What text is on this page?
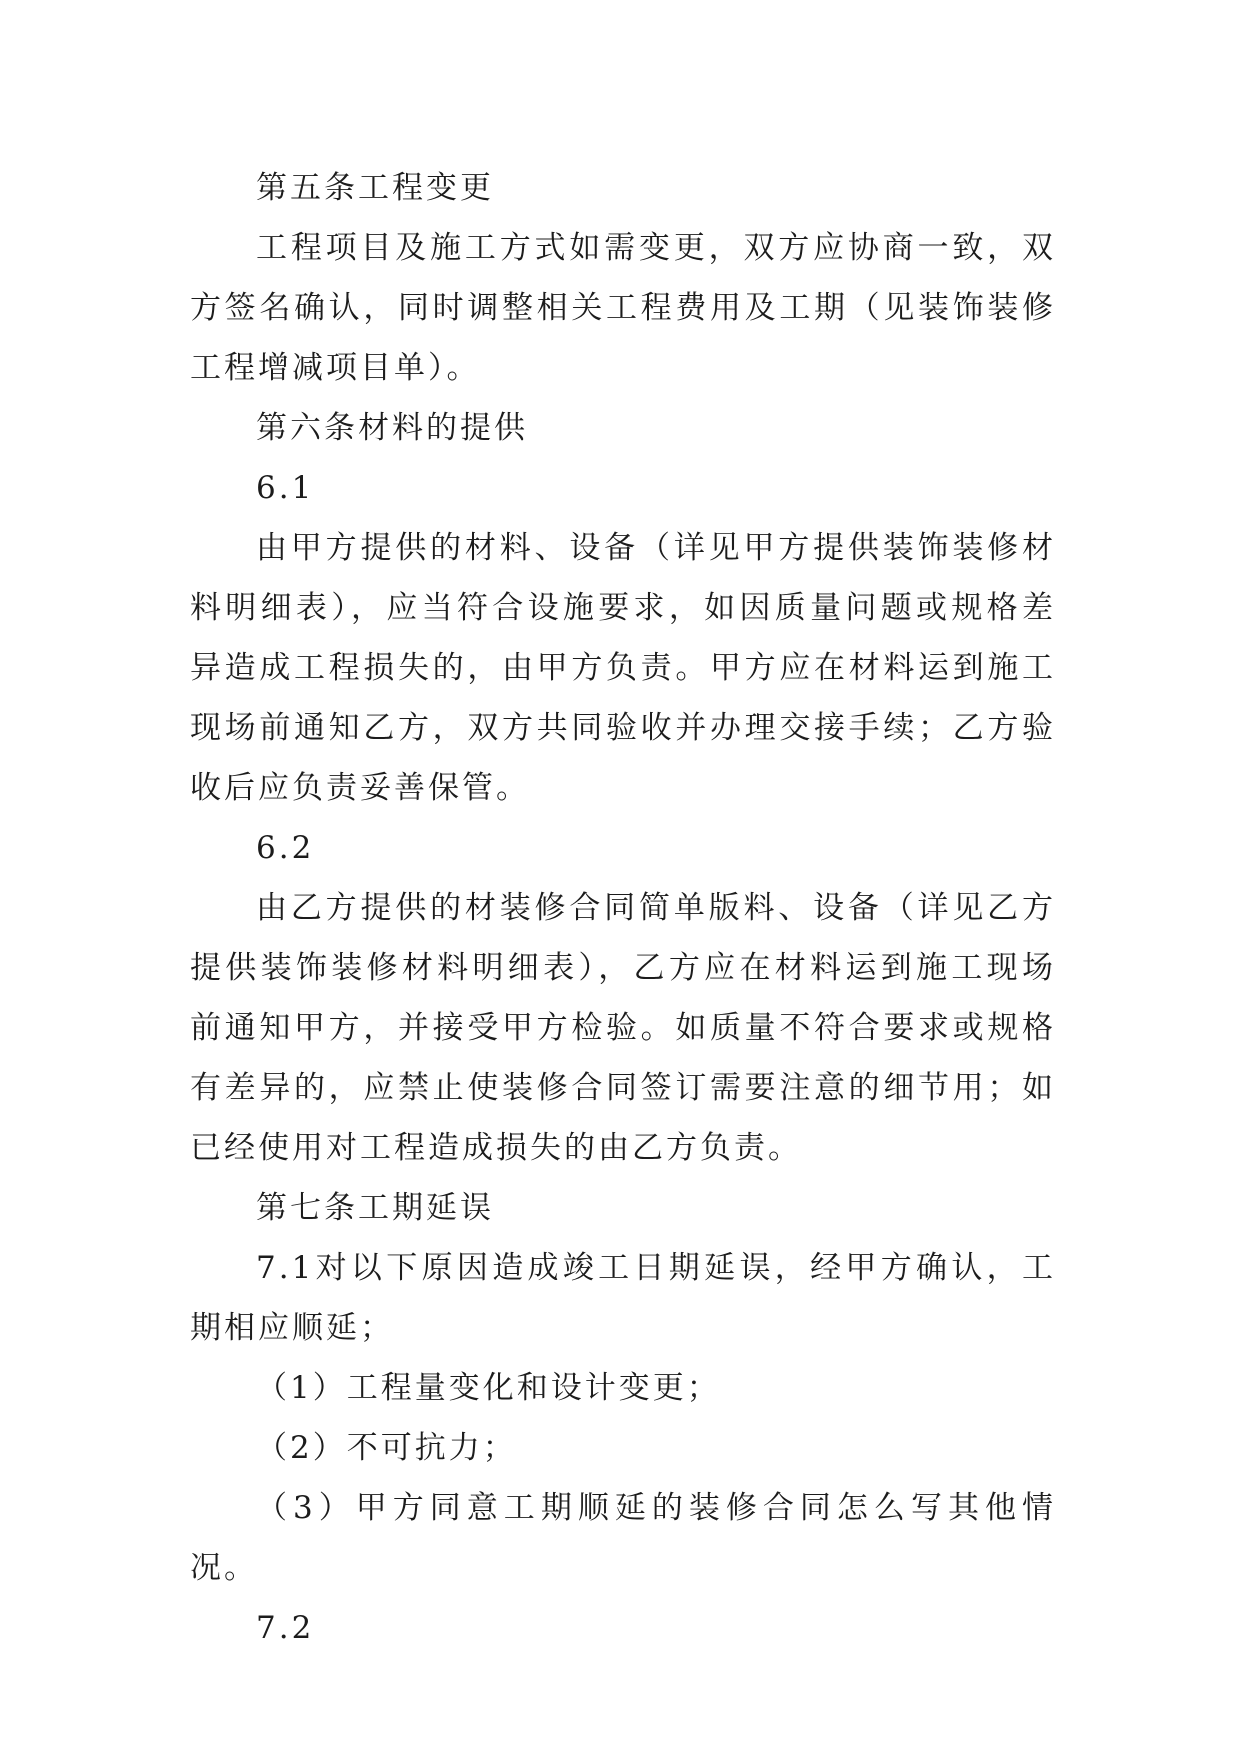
第五条工程变更

工程项目及施工方式如需变更，双方应协商一致，双方签名确认，同时调整相关工程费用及工期（见装饰装修工程增减项目单）。

第六条材料的提供

6.1

由甲方提供的材料、设备（详见甲方提供装饰装修材料明细表），应当符合设施要求，如因质量问题或规格差异造成工程损失的，由甲方负责。甲方应在材料运到施工现场前通知乙方，双方共同验收并办理交接手续；乙方验收后应负责妥善保管。

6.2

由乙方提供的材装修合同简单版料、设备（详见乙方提供装饰装修材料明细表），乙方应在材料运到施工现场前通知甲方，并接受甲方检验。如质量不符合要求或规格有差异的，应禁止使装修合同签订需要注意的细节用；如已经使用对工程造成损失的由乙方负责。

第七条工期延误

7.1对以下原因造成竣工日期延误，经甲方确认，工期相应顺延；

（1）工程量变化和设计变更；

（2）不可抗力；

（3）甲方同意工期顺延的装修合同怎么写其他情况。

7.2
